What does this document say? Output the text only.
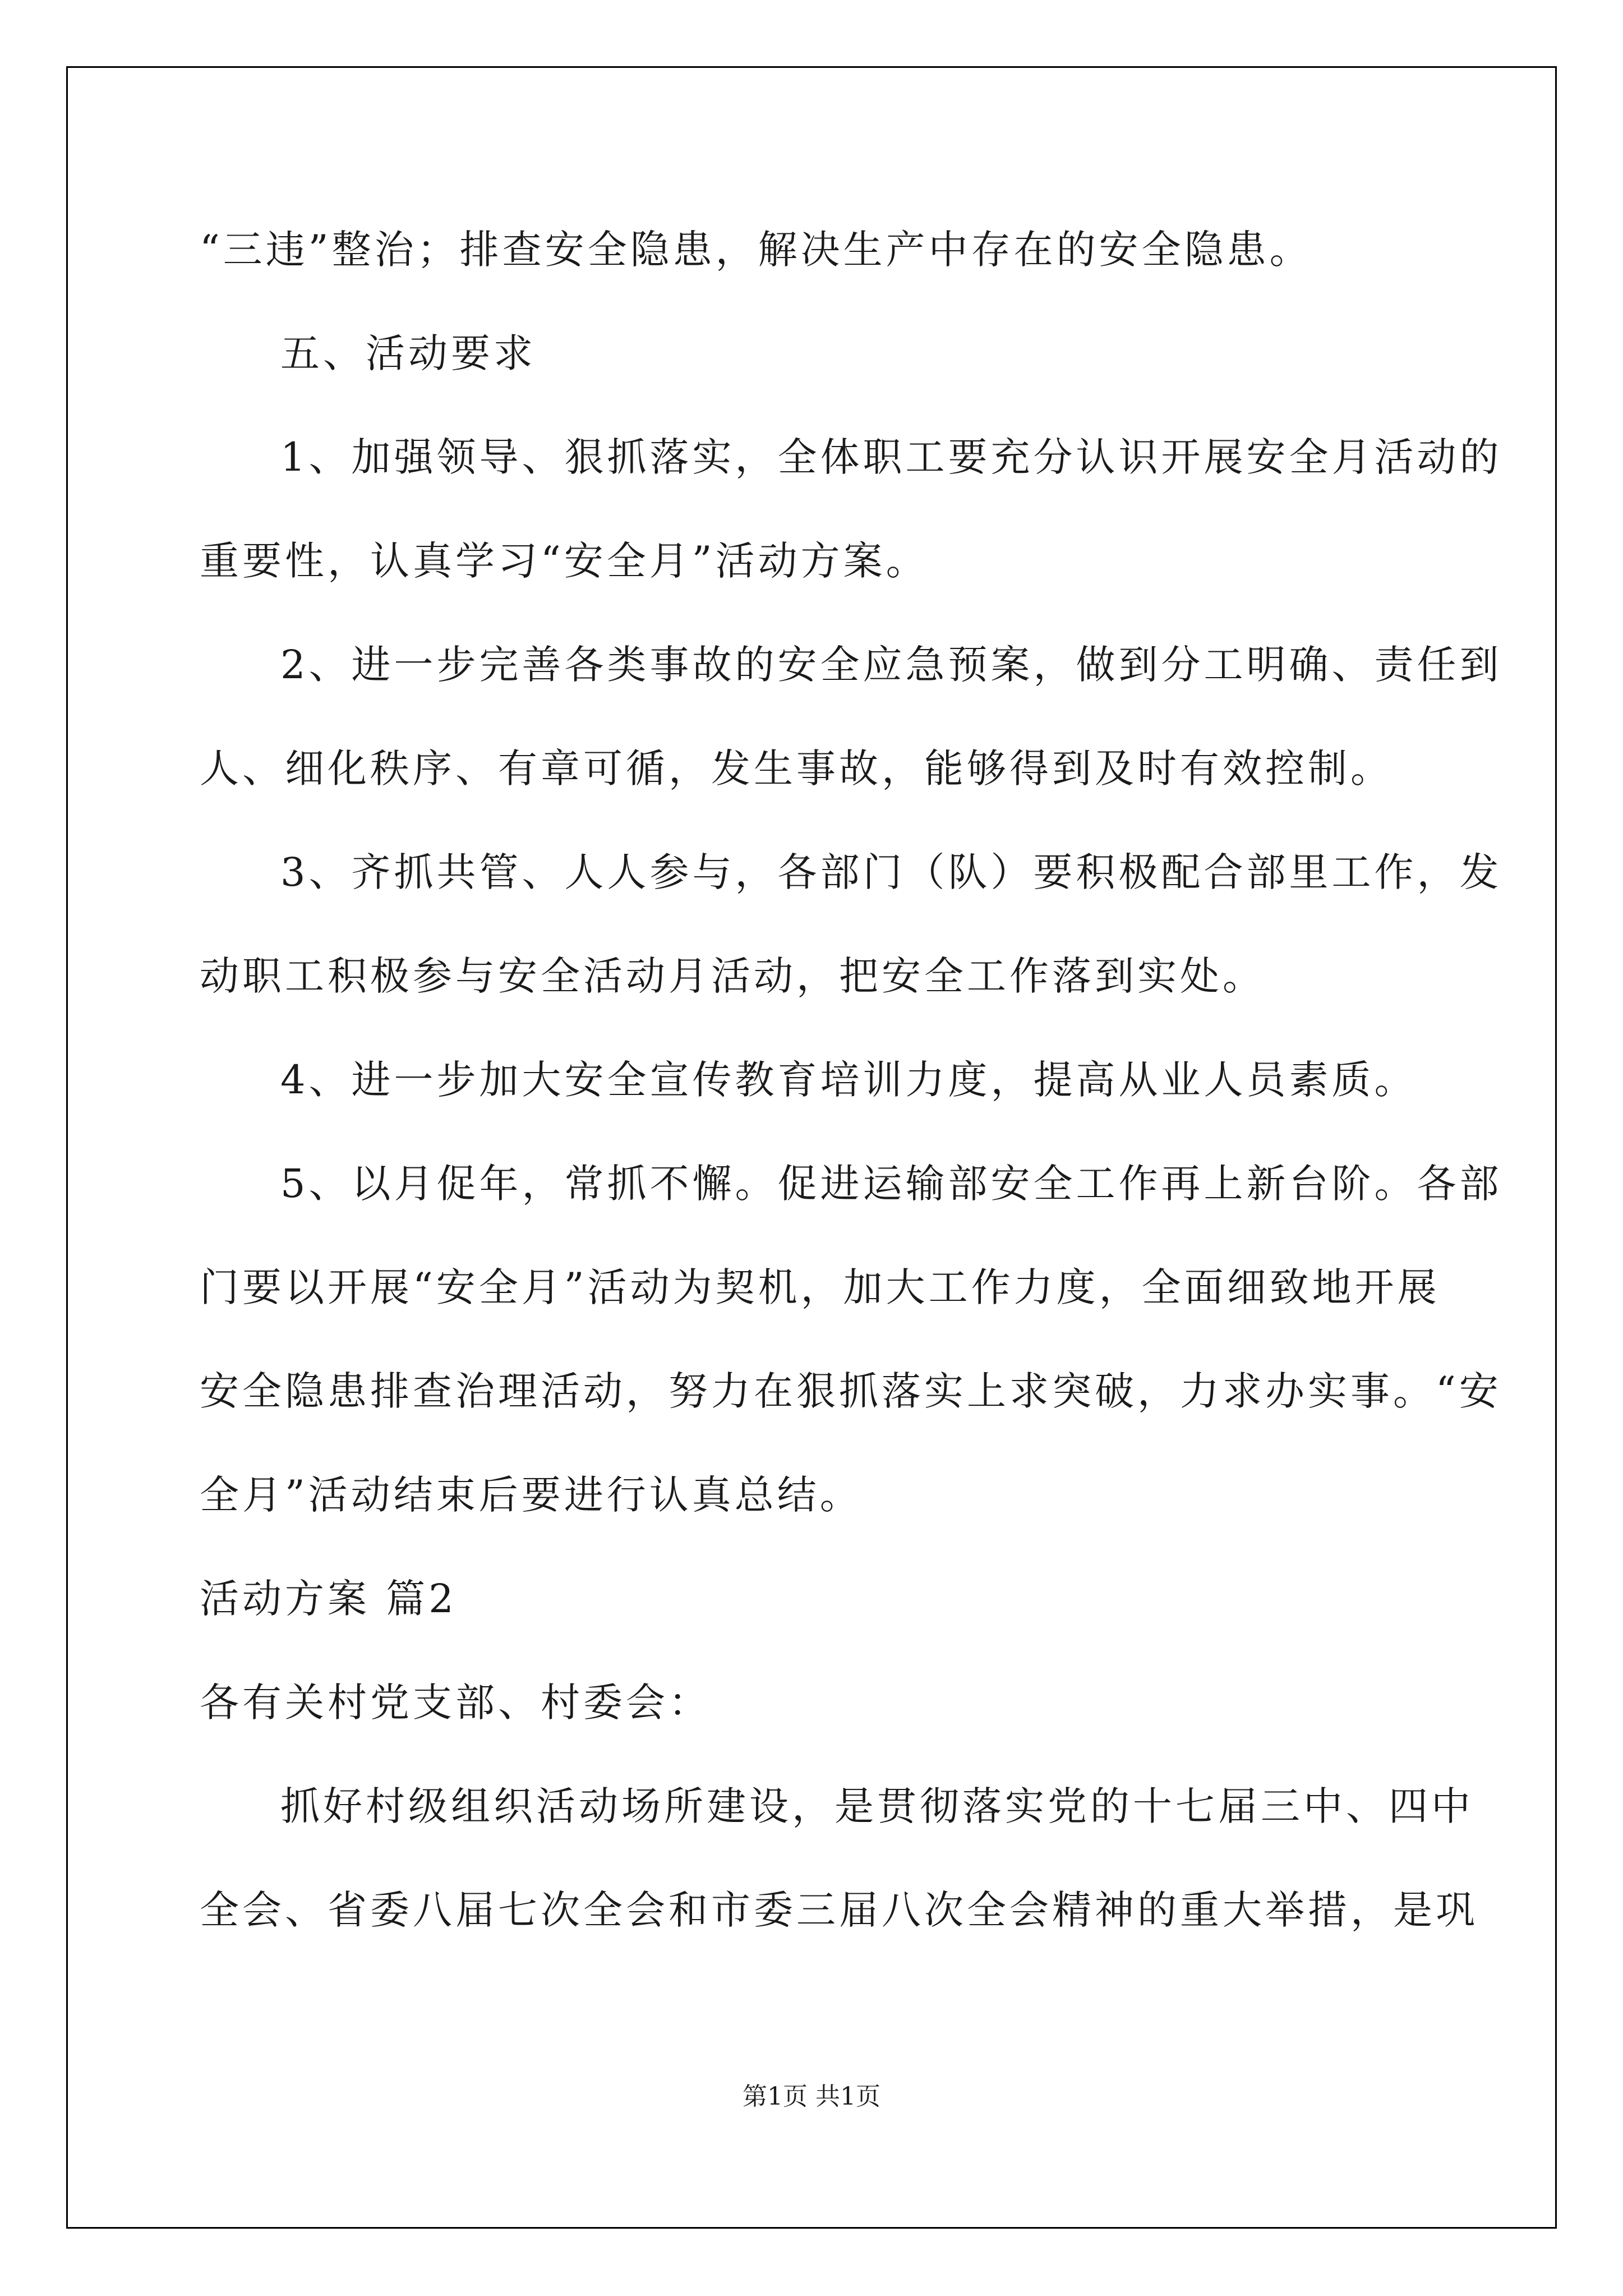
“三违”整治；排查安全隐患，解决生产中存在的安全隐患。
五、活动要求
1、加强领导、狠抓落实，全体职工要充分认识开展安全月活动的
重要性，认真学习“安全月”活动方案。
2、进一步完善各类事故的安全应急预案，做到分工明确、责任到
人、细化秩序、有章可循，发生事故，能够得到及时有效控制。
3、齐抓共管、人人参与，各部门（队）要积极配合部里工作，发
动职工积极参与安全活动月活动，把安全工作落到实处。
4、进一步加大安全宣传教育培训力度，提高从业人员素质。
5、以月促年，常抓不懈。促进运输部安全工作再上新台阶。各部
门要以开展“安全月”活动为契机，加大工作力度，全面细致地开展
安全隐患排查治理活动，努力在狠抓落实上求突破，力求办实事。“安
全月”活动结束后要进行认真总结。
活动方案 篇2
各有关村党支部、村委会：
抓好村级组织活动场所建设，是贯彻落实党的十七届三中、四中
全会、省委八届七次全会和市委三届八次全会精神的重大举措，是巩
第1页 共1页
